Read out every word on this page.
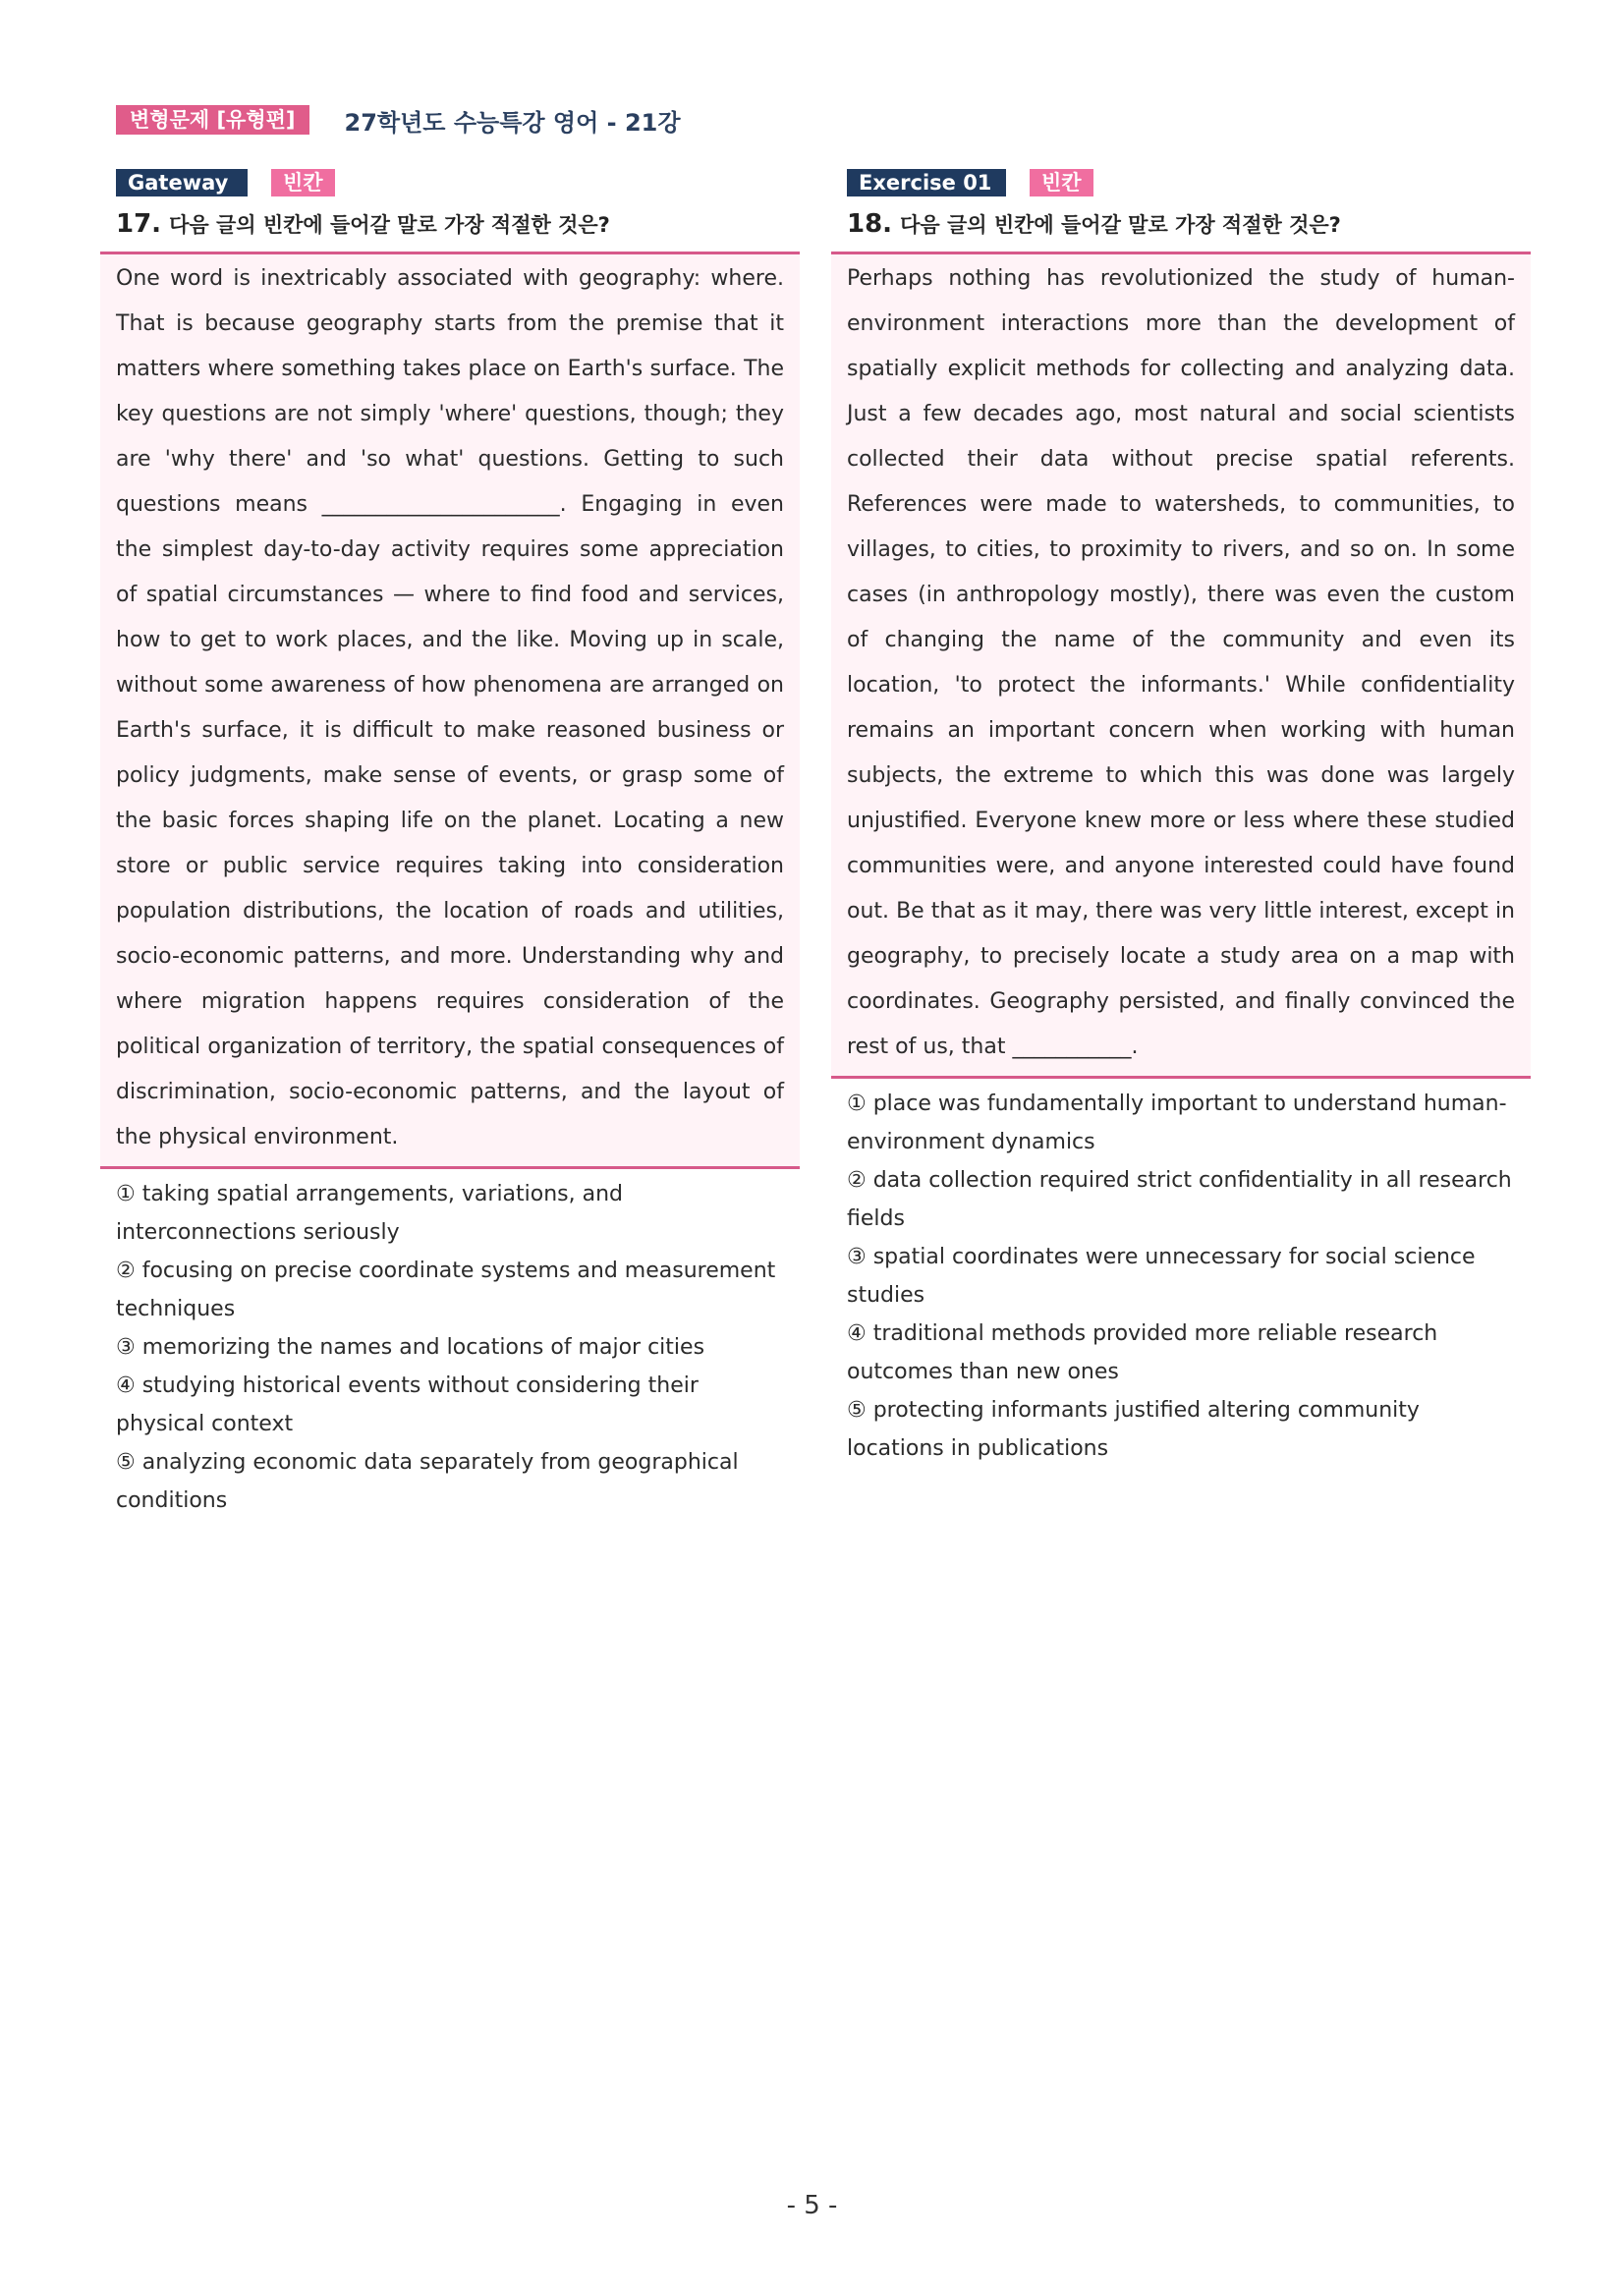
변형문제 [유형편]	27학년도 수능특강 영어 - 21강
Gateway	빈칸
17. 다음 글의 빈칸에 들어갈 말로 가장 적절한 것은?
One word is inextricably associated with geography: where. That is because geography starts from the premise that it matters where something takes place on Earth's surface. The key questions are not simply 'where' questions, though; they are 'why there' and 'so what' questions. Getting to such questions means ______________________. Engaging in even the simplest day-to-day activity requires some appreciation of spatial circumstances — where to find food and services, how to get to work places, and the like. Moving up in scale, without some awareness of how phenomena are arranged on Earth's surface, it is difficult to make reasoned business or policy judgments, make sense of events, or grasp some of the basic forces shaping life on the planet. Locating a new store or public service requires taking into consideration population distributions, the location of roads and utilities, socio-economic patterns, and more. Understanding why and where migration happens requires consideration of the political organization of territory, the spatial consequences of discrimination, socio-economic patterns, and the layout of the physical environment.

① taking spatial arrangements, variations, and interconnections seriously

② focusing on precise coordinate systems and measurement techniques

③ memorizing the names and locations of major cities

④ studying historical events without considering their physical context

⑤ analyzing economic data separately from geographical conditions

Exercise 01	빈칸
18. 다음 글의 빈칸에 들어갈 말로 가장 적절한 것은?
Perhaps nothing has revolutionized the study of human-environment interactions more than the development of spatially explicit methods for collecting and analyzing data. Just a few decades ago, most natural and social scientists collected their data without precise spatial referents. References were made to watersheds, to communities, to villages, to cities, to proximity to rivers, and so on. In some cases (in anthropology mostly), there was even the custom of changing the name of the community and even its location, 'to protect the informants.' While confidentiality remains an important concern when working with human subjects, the extreme to which this was done was largely unjustified. Everyone knew more or less where these studied communities were, and anyone interested could have found out. Be that as it may, there was very little interest, except in geography, to precisely locate a study area on a map with coordinates. Geography persisted, and finally convinced the rest of us, that ___________.

① place was fundamentally important to understand human-environment dynamics

② data collection required strict confidentiality in all research fields

③ spatial coordinates were unnecessary for social science studies

④ traditional methods provided more reliable research outcomes than new ones

⑤ protecting informants justified altering community locations in publications

- 5 -
